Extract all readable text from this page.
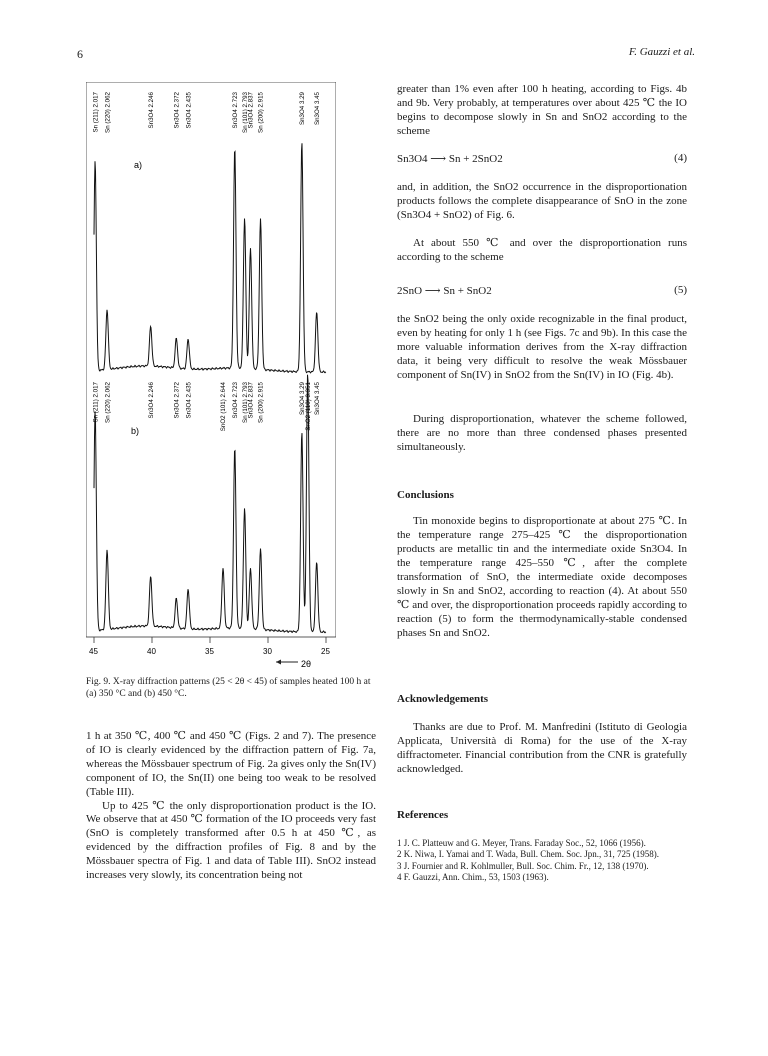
6	F. Gauzzi et al.
Sn (211) 2.017 Sn (220) 2.062	Sn3O4 2.246	Sn3O4 2.372 Sn3O4 2.435	Sn3O4 2.723 Sn (101) 2.793
Sn3O4 2.837 Sn (200) 2.915	Sn3O4 3.29 Sn3O4 3.45
Sn (211) 2.017 Sn (220) 2.062	Sn3O4 2.246	Sn3O4 2.372 Sn3O4 2.435	SnO2 (101) 2.644 Sn3O4 2.723 Sn (101) 2.793
Sn3O4 2.837 Sn (200) 2.915	Sn3O4 3.29
SnO2 (110) 3.351 Sn3O4 3.45
a)
b)
45	40	35	30	25
2θ
Fig. 9. X-ray diffraction patterns (25 < 2θ < 45) of samples heated 100 h at (a) 350 °C and (b) 450 °C.

1 h at 350 ℃, 400 ℃ and 450 ℃ (Figs. 2 and 7). The presence of IO is clearly evidenced by the diffraction pattern of Fig. 7a, whereas the Mössbauer spectrum of Fig. 2a gives only the Sn(IV) component of IO, the Sn(II) one being too weak to be resolved (Table III).

Up to 425 ℃ the only disproportionation product is the IO. We observe that at 450 ℃ formation of the IO proceeds very fast (SnO is completely transformed after 0.5 h at 450 ℃, as evidenced by the diffraction profiles of Fig. 8 and by the Mössbauer spectra of Fig. 1 and data of Table III). SnO2 instead increases very slowly, its concentration being not

greater than 1% even after 100 h heating, according to Figs. 4b and 9b. Very probably, at temperatures over about 425 ℃ the IO begins to decompose slowly in Sn and SnO2 according to the scheme
Sn3O4 ⟶ Sn + 2SnO2	(4)
and, in addition, the SnO2 occurrence in the disproportionation products follows the complete disappearance of SnO in the zone (Sn3O4 + SnO2) of Fig. 6.
At about 550 ℃ and over the disproportionation runs according to the scheme
2SnO ⟶ Sn + SnO2	(5)
the SnO2 being the only oxide recognizable in the final product, even by heating for only 1 h (see Figs. 7c and 9b). In this case the more valuable information derives from the X-ray diffraction data, it being very difficult to resolve the weak Mössbauer component of Sn(IV) in SnO2 from the Sn(IV) in IO (Fig. 4b).
During disproportionation, whatever the scheme followed, there are no more than three condensed phases presented simultaneously.
Conclusions
Tin monoxide begins to disproportionate at about 275 ℃. In the temperature range 275–425 ℃ the disproportionation products are metallic tin and the intermediate oxide Sn3O4. In the temperature range 425–550 ℃, after the complete transformation of SnO, the intermediate oxide decomposes slowly in Sn and SnO2, according to reaction (4). At about 550 ℃ and over, the disproportionation proceeds rapidly according to reaction (5) to form the thermodynamically-stable condensed phases Sn and SnO2.
Acknowledgements
Thanks are due to Prof. M. Manfredini (Istituto di Geologia Applicata, Università di Roma) for the use of the X-ray diffractometer. Financial contribution from the CNR is gratefully acknowledged.
References
1 J. C. Platteuw and G. Meyer, Trans. Faraday Soc., 52, 1066 (1956).
2 K. Niwa, I. Yamai and T. Wada, Bull. Chem. Soc. Jpn., 31, 725 (1958).
3 J. Fournier and R. Kohlmuller, Bull. Soc. Chim. Fr., 12, 138 (1970).
4 F. Gauzzi, Ann. Chim., 53, 1503 (1963).
